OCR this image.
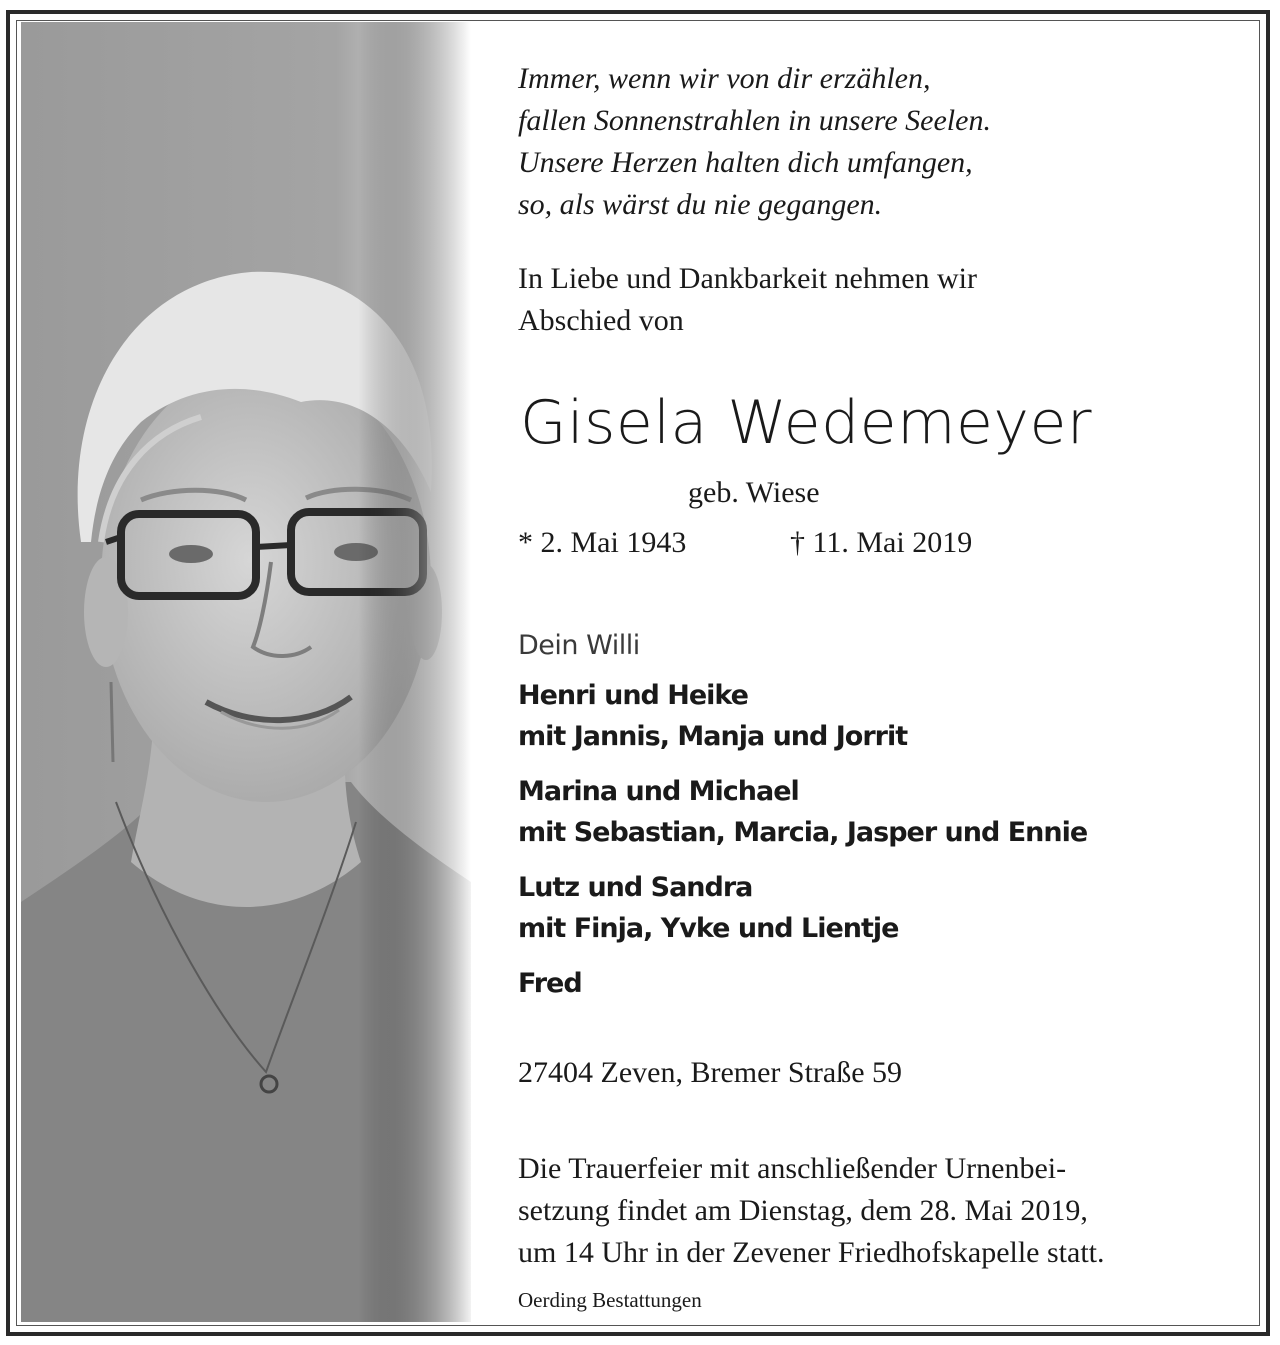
Immer, wenn wir von dir erzählen,
fallen Sonnenstrahlen in unsere Seelen.
Unsere Herzen halten dich umfangen,
so, als wärst du nie gegangen.
In Liebe und Dankbarkeit nehmen wir
Abschied von
Gisela Wedemeyer
geb. Wiese
* 2. Mai 1943	† 11. Mai 2019
Dein Willi
Henri und Heike
mit Jannis, Manja und Jorrit
Marina und Michael
mit Sebastian, Marcia, Jasper und Ennie
Lutz und Sandra
mit Finja, Yvke und Lientje
Fred
27404 Zeven, Bremer Straße 59
Die Trauerfeier mit anschließender Urnenbei-
setzung findet am Dienstag, dem 28. Mai 2019,
um 14 Uhr in der Zevener Friedhofskapelle statt.
Oerding Bestattungen
